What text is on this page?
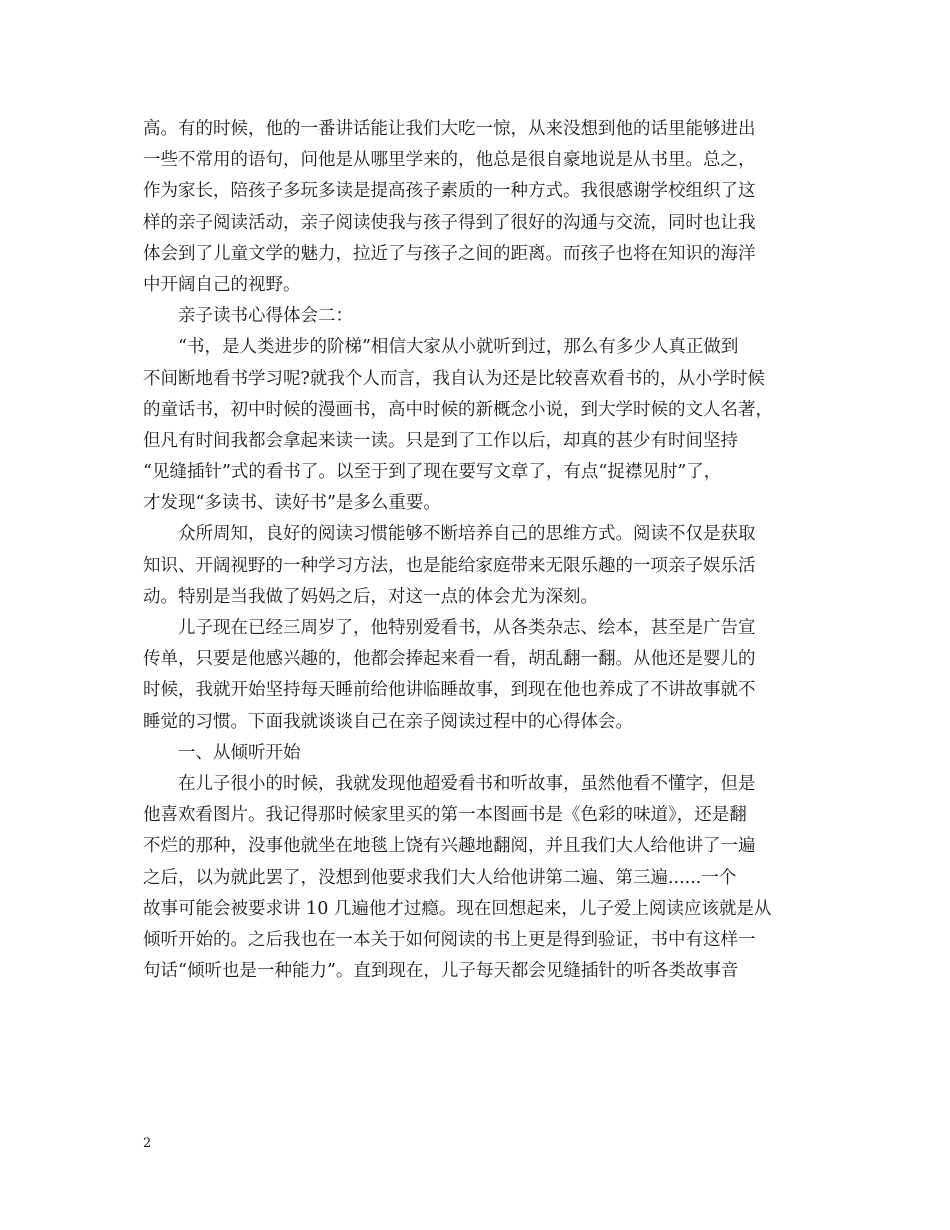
高。有的时候，他的一番讲话能让我们大吃一惊，从来没想到他的话里能够进出
一些不常用的语句，问他是从哪里学来的，他总是很自豪地说是从书里。总之，
作为家长，陪孩子多玩多读是提高孩子素质的一种方式。我很感谢学校组织了这
样的亲子阅读活动，亲子阅读使我与孩子得到了很好的沟通与交流，同时也让我
体会到了儿童文学的魅力，拉近了与孩子之间的距离。而孩子也将在知识的海洋
中开阔自己的视野。
亲子读书心得体会二：
“书，是人类进步的阶梯”相信大家从小就听到过，那么有多少人真正做到
不间断地看书学习呢?就我个人而言，我自认为还是比较喜欢看书的，从小学时候
的童话书，初中时候的漫画书，高中时候的新概念小说，到大学时候的文人名著，
但凡有时间我都会拿起来读一读。只是到了工作以后，却真的甚少有时间坚持
“见缝插针”式的看书了。以至于到了现在要写文章了，有点“捉襟见肘”了，
才发现“多读书、读好书”是多么重要。
众所周知，良好的阅读习惯能够不断培养自己的思维方式。阅读不仅是获取
知识、开阔视野的一种学习方法，也是能给家庭带来无限乐趣的一项亲子娱乐活
动。特别是当我做了妈妈之后，对这一点的体会尤为深刻。
儿子现在已经三周岁了，他特别爱看书，从各类杂志、绘本，甚至是广告宣
传单，只要是他感兴趣的，他都会捧起来看一看，胡乱翻一翻。从他还是婴儿的
时候，我就开始坚持每天睡前给他讲临睡故事，到现在他也养成了不讲故事就不
睡觉的习惯。下面我就谈谈自己在亲子阅读过程中的心得体会。
一、从倾听开始
在儿子很小的时候，我就发现他超爱看书和听故事，虽然他看不懂字，但是
他喜欢看图片。我记得那时候家里买的第一本图画书是《色彩的味道》，还是翻
不烂的那种，没事他就坐在地毯上饶有兴趣地翻阅，并且我们大人给他讲了一遍
之后，以为就此罢了，没想到他要求我们大人给他讲第二遍、第三遍......一个
故事可能会被要求讲 10 几遍他才过瘾。现在回想起来，儿子爱上阅读应该就是从
倾听开始的。之后我也在一本关于如何阅读的书上更是得到验证，书中有这样一
句话“倾听也是一种能力”。直到现在，儿子每天都会见缝插针的听各类故事音
2
